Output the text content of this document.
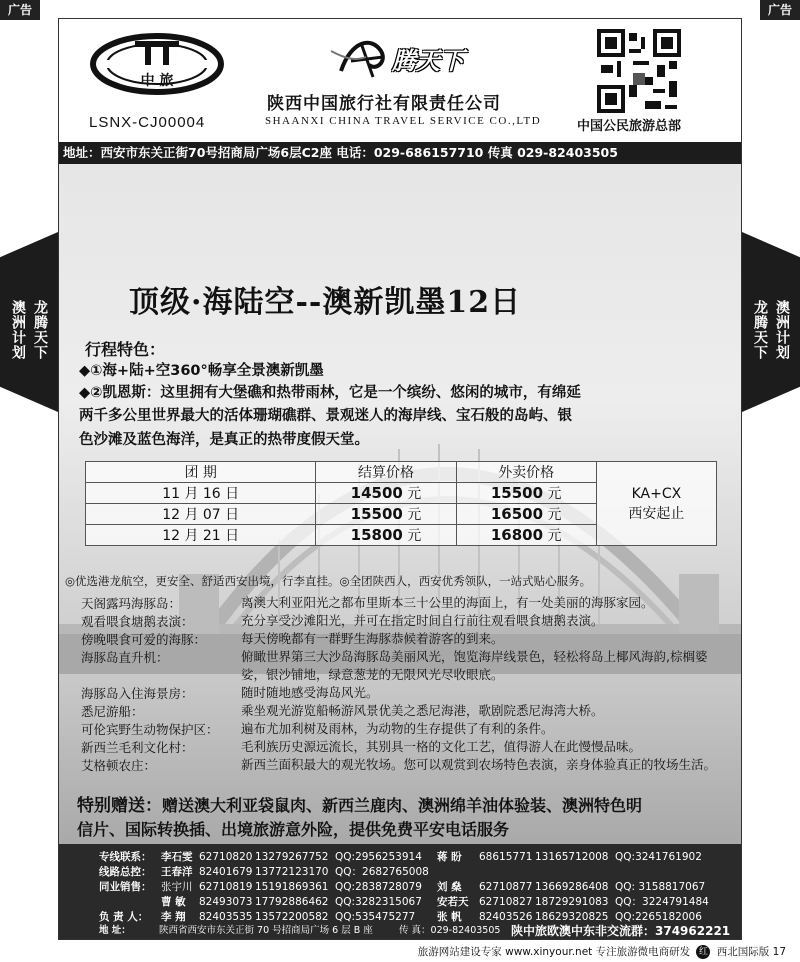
广告	广告
澳洲计划 龙腾天下	龙腾天下 澳洲计划
中 旅
LSNX-CJ00004
腾天下
陕西中国旅行社有限责任公司
SHAANXI CHINA TRAVEL SERVICE CO.,LTD	中国公民旅游总部
地址：西安市东关正街70号招商局广场6层C2座 电话：029-686157710 传真 029-82403505
顶级·海陆空--澳新凯墨12日
行程特色：
◆①海+陆+空360°畅享全景澳新凯墨
◆②凯恩斯：这里拥有大堡礁和热带雨林，它是一个缤纷、悠闲的城市，有绵延
两千多公里世界最大的活体珊瑚礁群、景观迷人的海岸线、宝石般的岛屿、银
色沙滩及蓝色海洋，是真正的热带度假天堂。
团 期	结算价格	外卖价格	KA+CX
西安起止

11 月 16 日	14500 元	15500 元	
12 月 07 日	15500 元	16500 元	
12 月 21 日	15800 元	16800 元	
◎优选港龙航空，更安全、舒适西安出境，行李直挂。◎全团陕西人，西安优秀领队，一站式贴心服务。
天阁露玛海豚岛：	离澳大利亚阳光之都布里斯本三十公里的海面上，有一处美丽的海豚家园。
观看喂食塘鹅表演：	充分享受沙滩阳光，并可在指定时间自行前往观看喂食塘鹅表演。
傍晚喂食可爱的海豚：	每天傍晚都有一群野生海豚恭候着游客的到来。
海豚岛直升机：	俯瞰世界第三大沙岛海豚岛美丽风光，饱览海岸线景色，轻松将岛上椰风海韵,棕榈婆娑，银沙铺地，绿意葱茏的无限风光尽收眼底。
海豚岛入住海景房：	随时随地感受海岛风光。
悉尼游船：	乘坐观光游览船畅游风景优美之悉尼海港，歌剧院悉尼海湾大桥。
可伦宾野生动物保护区： 遍布尤加利树及雨林，为动物的生存提供了有利的条件。
新西兰毛利文化村：	毛利族历史源远流长，其别具一格的文化工艺，值得游人在此慢慢品味。
艾格顿农庄：	新西兰面积最大的观光牧场。您可以观赏到农场特色表演，亲身体验真正的牧场生活。
特别赠送：赠送澳大利亚袋鼠肉、新西兰鹿肉、澳洲绵羊油体验装、澳洲特色明
信片、国际转换插、出境旅游意外险，提供免费平安电话服务
专线联系： 李石雯 62710820 13279267752 QQ:2956253914 蒋 盼 68615771 13165712008 QQ:3241761902
线路总控： 王春洋 82401679 13772123170 QQ：2682765008
同业销售： 张宇川 62710819 15191869361 QQ:2838728079 刘 燊 62710877 13669286408 QQ: 3158817067
曹 敏 82493073 17792886462 QQ:3282315067 安若天 62710827 18729291083 QQ：3224791484
负 责 人： 李 翔 82403535 13572200582 QQ:535475277 张 帆 82403526 18629320825 QQ:2265182006
地 址：	陕西省西安市东关正街 70 号招商局广场 6 层 B 座	传 真：029-82403505 陕中旅欧澳中东非交流群：374962221
旅游网站建设专家 www.xinyour.net 专注旅游微电商研发 红 西北国际版 17
